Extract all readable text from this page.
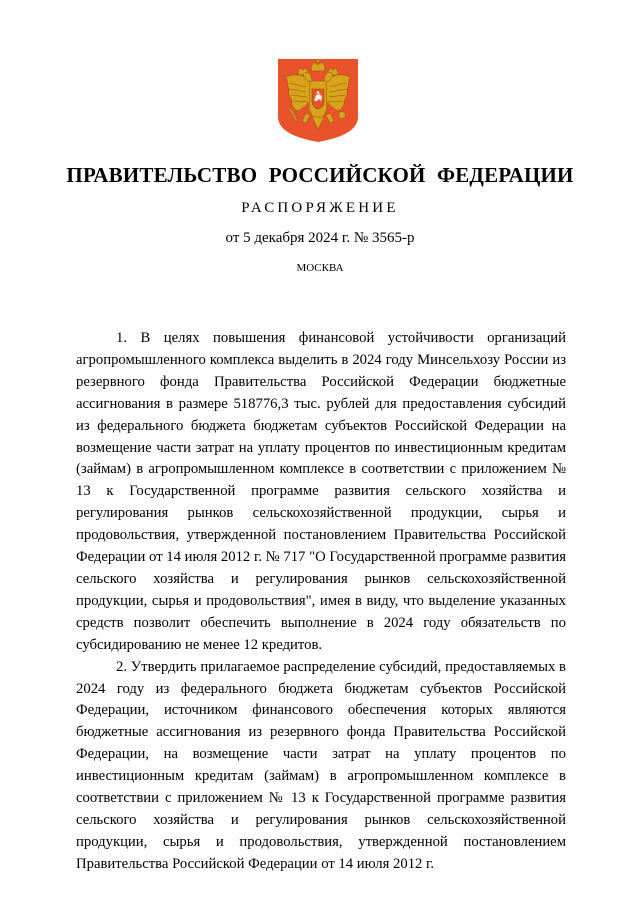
ПРАВИТЕЛЬСТВО РОССИЙСКОЙ ФЕДЕРАЦИИ
РАСПОРЯЖЕНИЕ
от 5 декабря 2024 г. № 3565-р
МОСКВА

1. В целях повышения финансовой устойчивости организаций агропромышленного комплекса выделить в 2024 году Минсельхозу России из резервного фонда Правительства Российской Федерации бюджетные ассигнования в размере 518776,3 тыс. рублей для предоставления субсидий из федерального бюджета бюджетам субъектов Российской Федерации на возмещение части затрат на уплату процентов по инвестиционным кредитам (займам) в агропромышленном комплексе в соответствии с приложением № 13 к Государственной программе развития сельского хозяйства и регулирования рынков сельскохозяйственной продукции, сырья и продовольствия, утвержденной постановлением Правительства Российской Федерации от 14 июля 2012 г. № 717 "О Государственной программе развития сельского хозяйства и регулирования рынков сельскохозяйственной продукции, сырья и продовольствия", имея в виду, что выделение указанных средств позволит обеспечить выполнение в 2024 году обязательств по субсидированию не менее 12 кредитов.

2. Утвердить прилагаемое распределение субсидий, предоставляемых в 2024 году из федерального бюджета бюджетам субъектов Российской Федерации, источником финансового обеспечения которых являются бюджетные ассигнования из резервного фонда Правительства Российской Федерации, на возмещение части затрат на уплату процентов по инвестиционным кредитам (займам) в агропромышленном комплексе в соответствии с приложением № 13 к Государственной программе развития сельского хозяйства и регулирования рынков сельскохозяйственной продукции, сырья и продовольствия, утвержденной постановлением Правительства Российской Федерации от 14 июля 2012 г.
